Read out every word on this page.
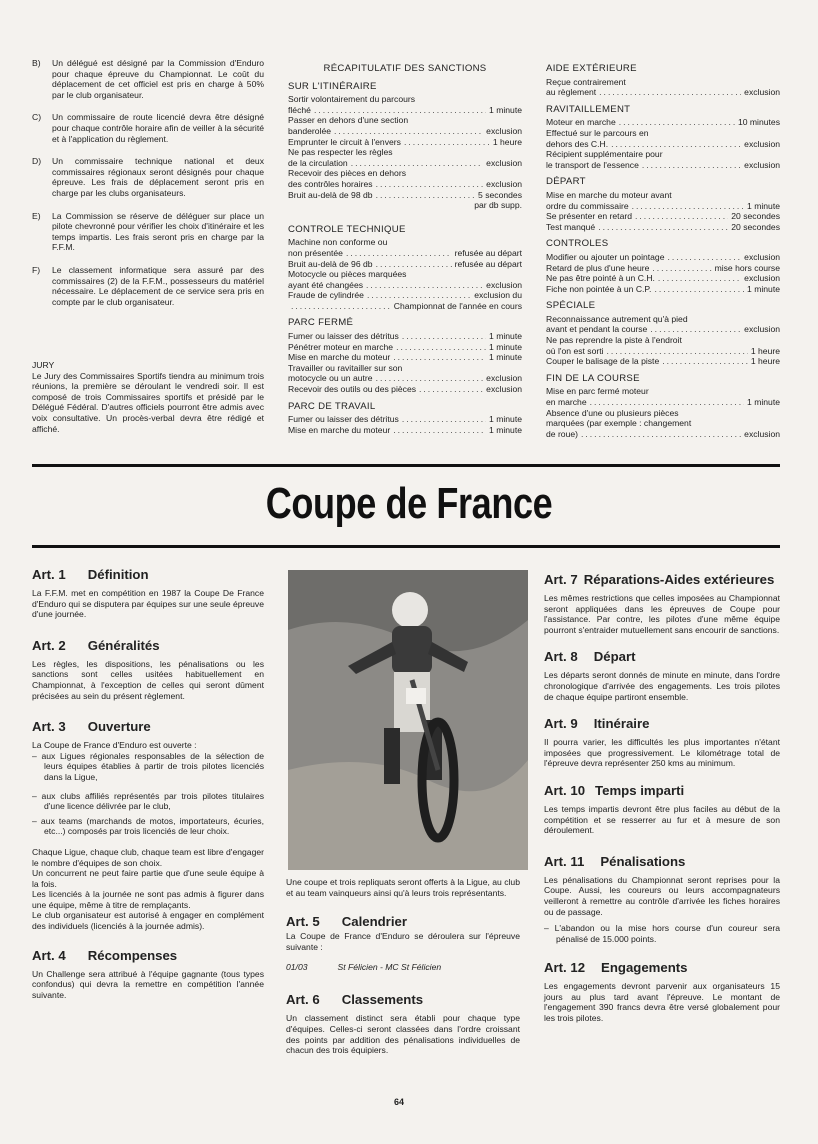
B) Un délégué est désigné par la Commission d'Enduro pour chaque épreuve du Championnat. Le coût du déplacement de cet officiel est pris en charge à 50% par le club organisateur.

C) Un commissaire de route licencié devra être désigné pour chaque contrôle horaire afin de veiller à la sécurité et à l'application du règlement.

D) Un commissaire technique national et deux commissaires régionaux seront désignés pour chaque épreuve. Les frais de déplacement seront pris en charge par les clubs organisateurs.

E) La Commission se réserve de déléguer sur place un pilote chevronné pour vérifier les choix d'itinéraire et les temps impartis. Les frais seront pris en charge par la F.F.M.

F) Le classement informatique sera assuré par des commissaires (2) de la F.F.M., possesseurs du matériel nécessaire. Le déplacement de ce service sera pris en compte par le club organisateur.

JURY
Le Jury des Commissaires Sportifs tiendra au minimum trois réunions, la première se déroulant le vendredi soir. Il est composé de trois Commissaires sportifs et présidé par le Délégué Fédéral. D'autres officiels pourront être admis avec voix consultative. Un procès-verbal devra être rédigé et affiché.
RÉCAPITULATIF DES SANCTIONS
SUR L'ITINÉRAIRE
Sortir volontairement du parcours
fléché .....	1 minute
Passer en dehors d'une section
banderolée .....	exclusion
Emprunter le circuit à l'envers .....	1 heure
Ne pas respecter les règles
de la circulation .....	exclusion
Recevoir des pièces en dehors
des contrôles horaires .....	exclusion
Bruit au-delà de 98 db .....	5 secondes
par db supp.
CONTROLE TECHNIQUE
Machine non conforme ou
non présentée .....	refusée au départ
Bruit au-delà de 96 db .....	refusée au départ
Motocycle ou pièces marquées
ayant été changées .....	exclusion
Fraude de cylindrée .....	exclusion du
.....
Championnat de l'année en cours
PARC FERMÉ
Fumer ou laisser des détritus .....	1 minute
Pénétrer moteur en marche .....	1 minute
Mise en marche du moteur .....	1 minute
Travailler ou ravitailler sur son
motocycle ou un autre .....	exclusion
Recevoir des outils ou des pièces .....	exclusion
PARC DE TRAVAIL
Fumer ou laisser des détritus .....	1 minute
Mise en marche du moteur .....	1 minute
AIDE EXTÉRIEURE
Reçue contrairement
au règlement .....	exclusion
RAVITAILLEMENT
Moteur en marche .....	10 minutes
Effectué sur le parcours en
dehors des C.H. .....	exclusion
Récipient supplémentaire pour
le transport de l'essence .....	exclusion
DÉPART
Mise en marche du moteur avant
ordre du commissaire .....	1 minute
Se présenter en retard .....	20 secondes
Test manqué .....	20 secondes
CONTROLES
Modifier ou ajouter un pointage .....	exclusion
Retard de plus d'une heure .....	mise hors course
Ne pas être pointé à un C.H. .....	exclusion
Fiche non pointée à un C.P. .....	1 minute
SPÉCIALE
Reconnaissance autrement qu'à pied
avant et pendant la course .....	exclusion
Ne pas reprendre la piste à l'endroit
où l'on est sorti .....	1 heure
Couper le balisage de la piste .....	1 heure
FIN DE LA COURSE
Mise en parc fermé moteur
en marche .....	1 minute
Absence d'une ou plusieurs pièces
marquées (par exemple : changement
de roue) .....	exclusion
Coupe de France
Art. 1 Définition
La F.F.M. met en compétition en 1987 la Coupe De France d'Enduro qui se disputera par équipes sur une seule épreuve d'une journée.
Art. 2 Généralités
Les règles, les dispositions, les pénalisations ou les sanctions sont celles usitées habituellement en Championnat, à l'exception de celles qui seront dûment précisées au sein du présent règlement.
Art. 3 Ouverture

La Coupe de France d'Enduro est ouverte :

– aux Ligues régionales responsables de la sélection de leurs équipes établies à partir de trois pilotes licenciés dans la Ligue,

– aux clubs affiliés représentés par trois pilotes titulaires d'une licence délivrée par le club,

– aux teams (marchands de motos, importateurs, écuries, etc...) composés par trois licenciés de leur choix.

Chaque Ligue, chaque club, chaque team est libre d'engager le nombre d'équipes de son choix.

Un concurrent ne peut faire partie que d'une seule équipe à la fois.

Les licenciés à la journée ne sont pas admis à figurer dans une équipe, même à titre de remplaçants.

Le club organisateur est autorisé à engager en complément des individuels (licenciés à la journée admis).

Art. 4 Récompenses
Un Challenge sera attribué à l'équipe gagnante (tous types confondus) qui devra la remettre en compétition l'année suivante.
Une coupe et trois repliquats seront offerts à la Ligue, au club et au team vainqueurs ainsi qu'à leurs trois représentants.
Art. 5 Calendrier
La Coupe de France d'Enduro se déroulera sur l'épreuve suivante :
01/03	St Félicien - MC St Félicien
Art. 6 Classements
Un classement distinct sera établi pour chaque type d'équipes. Celles-ci seront classées dans l'ordre croissant des points par addition des pénalisations individuelles de chacun des trois équipiers.
Art. 7 Réparations-Aides extérieures
Les mêmes restrictions que celles imposées au Championnat seront appliquées dans les épreuves de Coupe pour l'assistance. Par contre, les pilotes d'une même équipe pourront s'entraider mutuellement sans encourir de sanctions.
Art. 8 Départ
Les départs seront donnés de minute en minute, dans l'ordre chronologique d'arrivée des engagements. Les trois pilotes de chaque équipe partiront ensemble.
Art. 9 Itinéraire
Il pourra varier, les difficultés les plus importantes n'étant imposées que progressivement. Le kilométrage total de l'épreuve devra représenter 250 kms au minimum.
Art. 10 Temps imparti
Les temps impartis devront être plus faciles au début de la compétition et se resserrer au fur et à mesure de son déroulement.
Art. 11 Pénalisations

Les pénalisations du Championnat seront reprises pour la Coupe. Aussi, les coureurs ou leurs accompagnateurs veilleront à remettre au contrôle d'arrivée les fiches horaires ou de passage.

– L'abandon ou la mise hors course d'un coureur sera pénalisé de 15.000 points.

Art. 12 Engagements
Les engagements devront parvenir aux organisateurs 15 jours au plus tard avant l'épreuve. Le montant de l'engagement 390 francs devra être versé globalement pour les trois pilotes.
64
